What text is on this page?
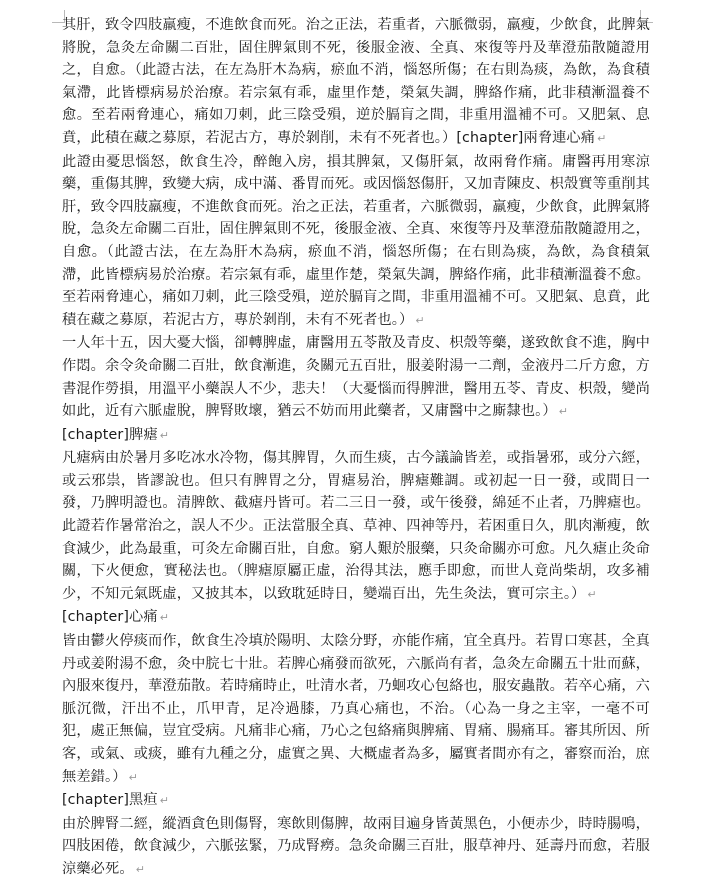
其肝，致令四肢羸瘦，不進飲食而死。治之正法，若重者，六脈微弱，羸瘦，少飲食，此脾氣將脫，急灸左命關二百壯，固住脾氣則不死，後服金液、全真、來復等丹及華澄茄散隨證用之，自愈。（此證古法，在左為肝木為病，瘀血不消，惱怒所傷；在右則為痰，為飲，為食積氣滯，此皆標病易於治療。若宗氣有乖，虛里作楚，榮氣失調，脾絡作痛，此非積漸溫養不愈。至若兩脅連心，痛如刀刺，此三陰受殞，逆於膈肓之間，非重用溫補不可。又肥氣、息賁，此積在藏之募原，若泥古方，專於剝削，未有不死者也。）[chapter]兩脅連心痛 ↵

此證由憂思惱怒，飲食生冷，醉飽入房，損其脾氣，又傷肝氣，故兩脅作痛。庸醫再用寒涼藥，重傷其脾，致變大病，成中滿、番胃而死。或因惱怒傷肝，又加青陳皮、枳殼實等重削其肝，致令四肢羸瘦，不進飲食而死。治之正法，若重者，六脈微弱，羸瘦，少飲食，此脾氣將脫，急灸左命關二百壯，固住脾氣則不死，後服金液、全真、來復等丹及華澄茄散隨證用之，自愈。（此證古法，在左為肝木為病，瘀血不消，惱怒所傷；在右則為痰，為飲，為食積氣滯，此皆標病易於治療。若宗氣有乖，虛里作楚，榮氣失調，脾絡作痛，此非積漸溫養不愈。至若兩脅連心，痛如刀刺，此三陰受殞，逆於膈肓之間，非重用溫補不可。又肥氣、息賁，此積在藏之募原，若泥古方，專於剝削，未有不死者也。） ↵

一人年十五，因大憂大惱，卻轉脾虛，庸醫用五苓散及青皮、枳殼等藥，遂致飲食不進，胸中作悶。余令灸命關二百壯，飲食漸進，灸關元五百壯，服姜附湯一二劑，金液丹二斤方愈，方書混作勞損，用溫平小藥誤人不少，悲夫！（大憂惱而得脾泄，醫用五苓、青皮、枳殼，變尚如此，近有六脈虛脫，脾腎敗壞，猶云不妨而用此藥者，又庸醫中之廝隸也。） ↵

[chapter]脾瘧 ↵

凡瘧病由於暑月多吃冰水冷物，傷其脾胃，久而生痰，古今議論皆差，或指暑邪，或分六經，或云邪祟，皆謬說也。但只有脾胃之分，胃瘧易治，脾瘧難調。或初起一日一發，或間日一發，乃脾明證也。清脾飲、截瘧丹皆可。若二三日一發，或午後發，綿延不止者，乃脾瘧也。此證若作暑常治之，誤人不少。正法當服全真、草神、四神等丹，若困重日久，肌肉漸瘦，飲食減少，此為最重，可灸左命關百壯，自愈。窮人艱於服藥，只灸命關亦可愈。凡久瘧止灸命關，下火便愈，實秘法也。（脾瘧原屬正虛，治得其法，應手即愈，而世人竟尚柴胡，攻多補少，不知元氣既虛，又披其本，以致耽延時日，變端百出，先生灸法，實可宗主。） ↵

[chapter]心痛 ↵

皆由鬱火停痰而作，飲食生冷填於陽明、太陰分野，亦能作痛，宜全真丹。若胃口寒甚，全真丹或姜附湯不愈，灸中脘七十壯。若脾心痛發而欲死，六脈尚有者，急灸左命關五十壯而蘇，內服來復丹，華澄茄散。若時痛時止，吐清水者，乃蛔攻心包絡也，服安蟲散。若卒心痛，六脈沉微，汗出不止，爪甲青，足冷過膝，乃真心痛也，不治。（心為一身之主宰，一毫不可犯，處正無偏，豈宜受病。凡痛非心痛，乃心之包絡痛與脾痛、胃痛、腸痛耳。審其所因、所客，或氣、或痰，雖有九種之分，虛實之異、大概虛者為多，屬實者間亦有之，審察而治，庶無差錯。） ↵

[chapter]黑疸 ↵

由於脾腎二經，縱酒貪色則傷腎，寒飲則傷脾，故兩目遍身皆黃黑色，小便赤少，時時腸鳴，四肢困倦，飲食減少，六脈弦緊，乃成腎癆。急灸命關三百壯，服草神丹、延壽丹而愈，若服涼藥必死。 ↵
